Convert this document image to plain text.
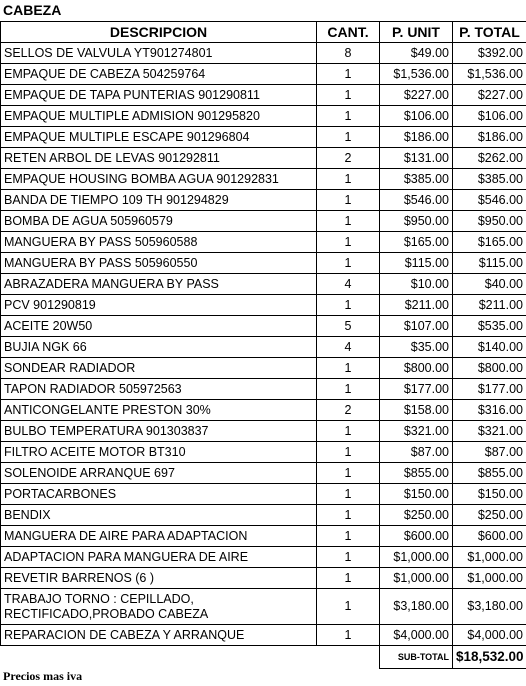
CABEZA
DESCRIPCION	CANT.	P. UNIT	P. TOTAL
SELLOS DE VALVULA YT901274801	8	$49.00	$392.00
EMPAQUE DE CABEZA 504259764	1	$1,536.00	$1,536.00
EMPAQUE DE TAPA PUNTERIAS 901290811	1	$227.00	$227.00
EMPAQUE MULTIPLE ADMISION 901295820	1	$106.00	$106.00
EMPAQUE MULTIPLE ESCAPE 901296804	1	$186.00	$186.00
RETEN ARBOL DE LEVAS 901292811	2	$131.00	$262.00
EMPAQUE HOUSING BOMBA AGUA 901292831	1	$385.00	$385.00
BANDA DE TIEMPO 109 TH 901294829	1	$546.00	$546.00
BOMBA DE AGUA 505960579	1	$950.00	$950.00
MANGUERA BY PASS 505960588	1	$165.00	$165.00
MANGUERA BY PASS 505960550	1	$115.00	$115.00
ABRAZADERA MANGUERA BY PASS	4	$10.00	$40.00
PCV 901290819	1	$211.00	$211.00
ACEITE 20W50	5	$107.00	$535.00
BUJIA NGK 66	4	$35.00	$140.00
SONDEAR RADIADOR	1	$800.00	$800.00
TAPON RADIADOR 505972563	1	$177.00	$177.00
ANTICONGELANTE PRESTON 30%	2	$158.00	$316.00
BULBO TEMPERATURA 901303837	1	$321.00	$321.00
FILTRO ACEITE MOTOR BT310	1	$87.00	$87.00
SOLENOIDE ARRANQUE 697	1	$855.00	$855.00
PORTACARBONES	1	$150.00	$150.00
BENDIX	1	$250.00	$250.00
MANGUERA DE AIRE PARA ADAPTACION	1	$600.00	$600.00
ADAPTACION PARA MANGUERA DE AIRE	1	$1,000.00	$1,000.00
REVETIR BARRENOS (6 )	1	$1,000.00	$1,000.00
TRABAJO TORNO : CEPILLADO, RECTIFICADO,PROBADO CABEZA	1	$3,180.00	$3,180.00
REPARACION DE CABEZA Y ARRANQUE	1	$4,000.00	$4,000.00
		SUB-TOTAL	$18,532.00
Precios mas iva
